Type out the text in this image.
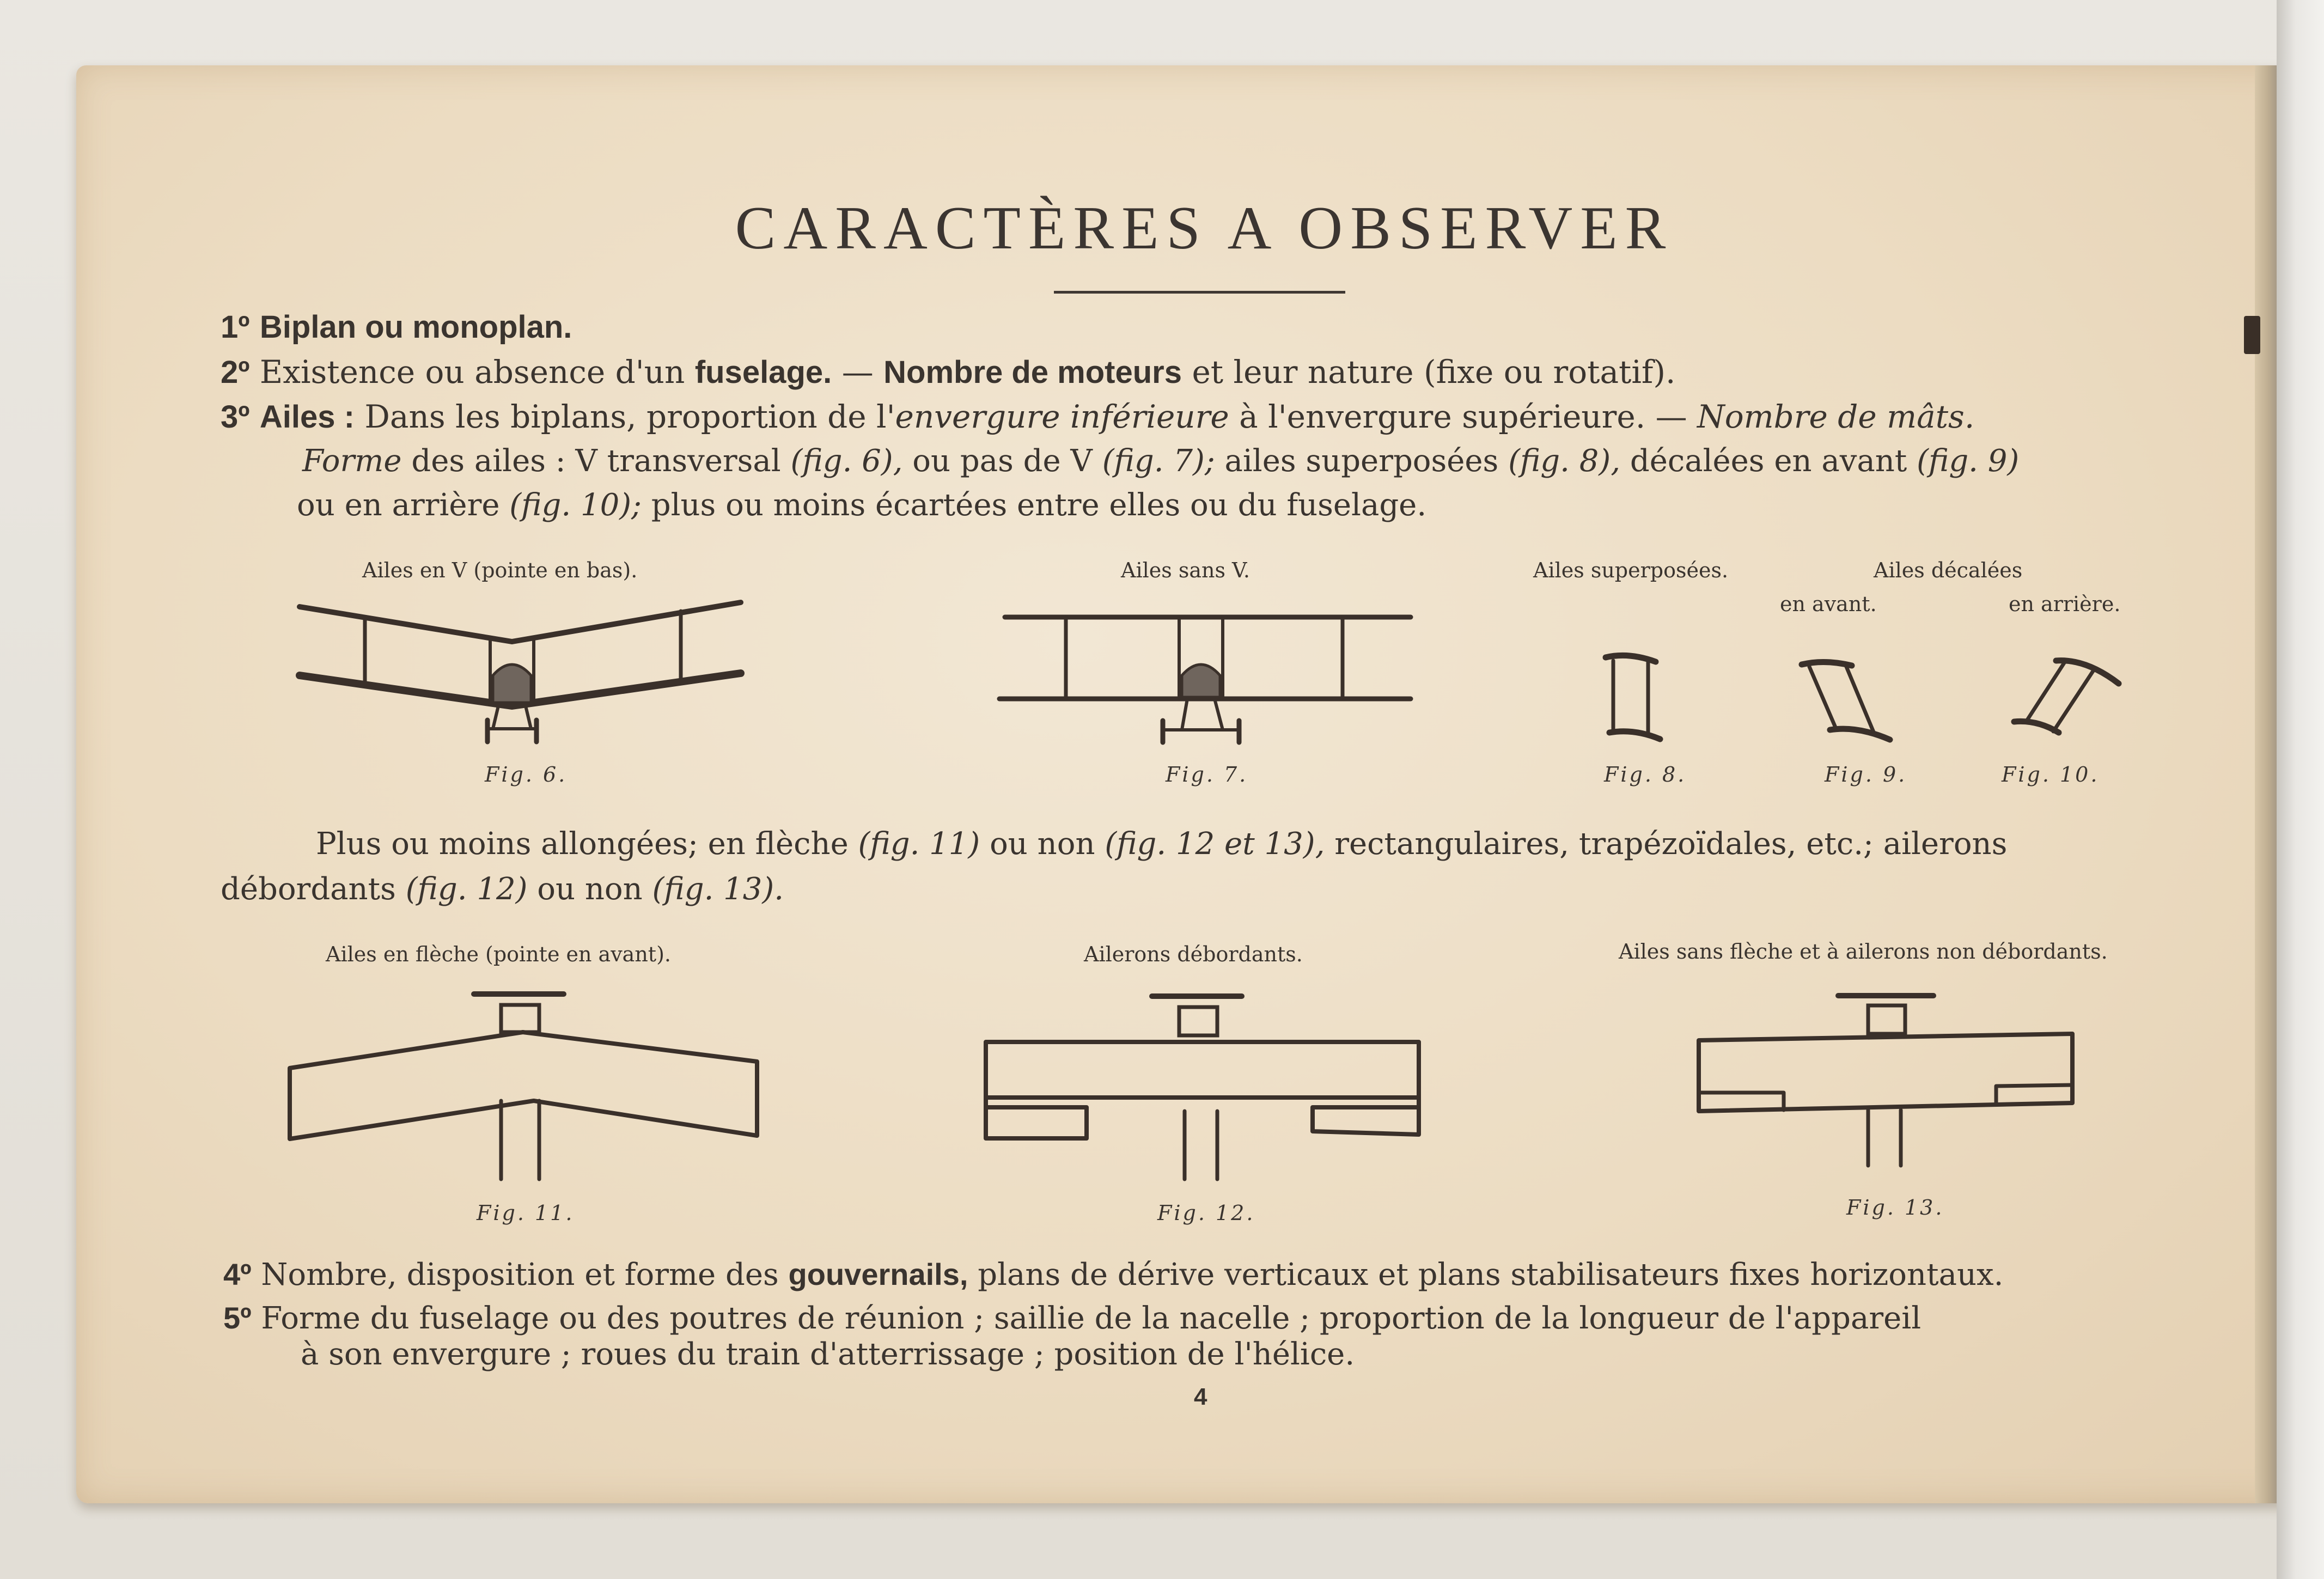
CARACTÈRES A OBSERVER
1º Biplan ou monoplan.
2º Existence ou absence d'un fuselage. — Nombre de moteurs et leur nature (fixe ou rotatif).
3º Ailes : Dans les biplans, proportion de l'envergure inférieure à l'envergure supérieure. — Nombre de mâts.
Forme des ailes : V transversal (fig. 6), ou pas de V (fig. 7); ailes superposées (fig. 8), décalées en avant (fig. 9)
ou en arrière (fig. 10); plus ou moins écartées entre elles ou du fuselage.
Ailes en V (pointe en bas).	Ailes sans V.	Ailes superposées.	Ailes décalées
en avant.	en arrière.
Fig. 6.	Fig. 7.	Fig. 8.	Fig. 9.	Fig. 10.
Plus ou moins allongées; en flèche (fig. 11) ou non (fig. 12 et 13), rectangulaires, trapézoïdales, etc.; ailerons
débordants (fig. 12) ou non (fig. 13).
Ailes en flèche (pointe en avant).	Ailerons débordants.	Ailes sans flèche et à ailerons non débordants.
Fig. 11.	Fig. 12.	Fig. 13.
4º Nombre, disposition et forme des gouvernails, plans de dérive verticaux et plans stabilisateurs fixes horizontaux.
5º Forme du fuselage ou des poutres de réunion ; saillie de la nacelle ; proportion de la longueur de l'appareil
à son envergure ; roues du train d'atterrissage ; position de l'hélice.
4
